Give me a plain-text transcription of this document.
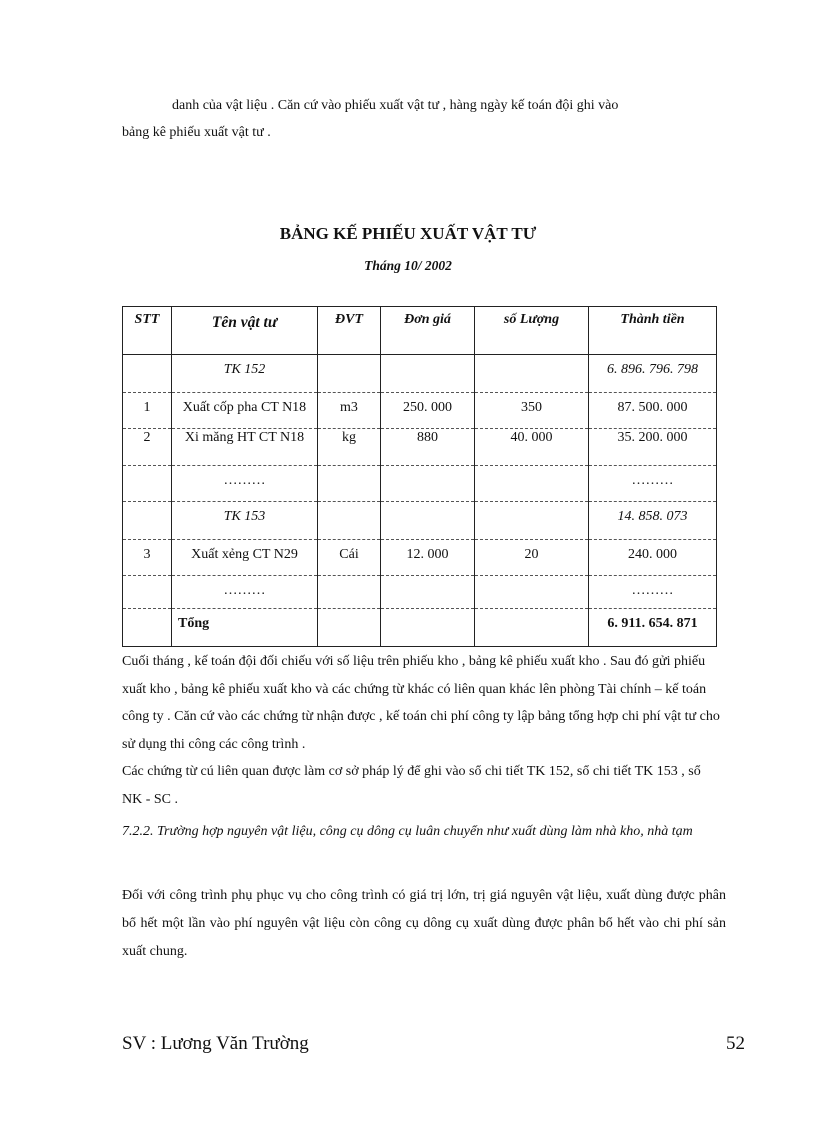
danh của vật liệu . Căn cứ vào phiếu xuất vật tư , hàng ngày kế toán đội ghi vào
bảng kê phiếu xuất vật tư .
BẢNG KẾ PHIẾU XUẤT VẬT TƯ
Tháng 10/ 2002
STT	Tên vật tư	ĐVT	Đơn giá	số Lượng	Thành tiền
	TK 152				6. 896. 796. 798
1	Xuất cốp pha CT N18	m3	250. 000	350	87. 500. 000
2	Xi măng HT CT N18	kg	880	40. 000	35. 200. 000
	………				………
	TK 153				14. 858. 073
3	Xuất xẻng CT N29	Cái	12. 000	20	240. 000
	………				………
	Tổng				6. 911. 654. 871

Cuối tháng , kế toán đội đối chiếu với số liệu trên phiếu kho , bảng kê phiếu xuất kho . Sau đó gửi phiếu xuất kho , bảng kê phiếu xuất kho và các chứng từ khác có liên quan khác lên phòng Tài chính – kế toán công ty . Căn cứ vào các chứng từ nhận được , kế toán chi phí công ty lập bảng tổng hợp chi phí vật tư cho sử dụng thi công các công trình .

Các chứng từ cú liên quan được làm cơ sở pháp lý để ghi vào sổ chi tiết TK 152, sổ chi tiết TK 153 , sổ NK - SC .

7.2.2. Trường hợp nguyên vật liệu, công cụ dông cụ luân chuyển như xuất dùng làm nhà kho, nhà tạm
Đối với công trình phụ phục vụ cho công trình có giá trị lớn, trị giá nguyên vật liệu, xuất dùng được phân bổ hết một lần vào phí nguyên vật liệu còn công cụ dông cụ xuất dùng được phân bổ hết vào chi phí sản xuất chung.
SV : Lương Văn Trường	52
